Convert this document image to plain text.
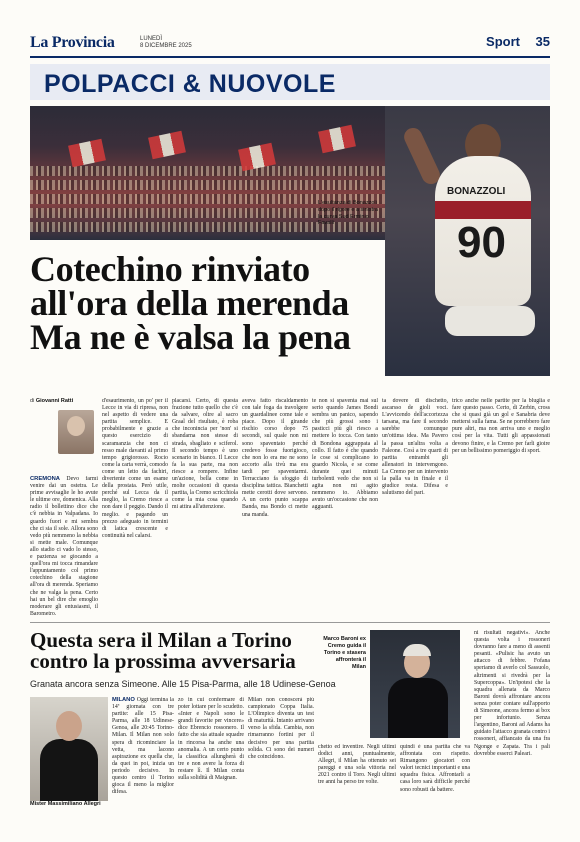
La Provincia	LUNEDÌ
8 DICEMBRE 2025	Sport 35
POLPACCI & NUOVOLE
BONAZZOLI
90
L'esultanza di Bonazzoli dopo il rigore e a sinistra la curva Sud Erminio Favalli
Cotechino rinviato
all'ora della merenda
Ma ne è valsa la pena
di Giovanni Ratti
CREMONA Devo farmi venire dai un ostetra. Le prime avvisaglie le ho avute le ultime ore, domenica. Alla radio il bollettino dice che c'è nebbia in Valpadana. Io guardo fuori e mi sembra che ci sia il sole. Allora sono vedo più nemmeno la nebbia si mette male. Comunque allo stadio ci vado lo stesso, e pazienza se giocando a quell'ora mi tocca rimandare l'appuntamento col primo cotechino della stagione all'ora di merenda. Speriamo che ne valga la pena. Certo hai un bel dire che emoglio moderare gli entusiasmi, il Barometro.
d'esaurimento, un po' per il Lecce in via di ripresa, non nel aspetto di vedere una partita semplice. E probabilmente e grazie a questo esercizio di scaramanzia che non ci resso male davanti al primo tempo grigiorosso. Rocio come la carta verrà, comodo come un letto da fachiri, divertente come un esame della prostata. Però utile, perché sul Lecca da il meglio, la Cremo riesce a non dare il peggio. Dando il meglio. e pagando un prezzo adeguato in termini di latica crescente e continuità nel calarsi.
placarsi. Certo, di questa frazione tutto quello che c'è da salvare, oltre al sacro Graal del risultato, è roba che inconincia per 'non' si sbandarna non stesse di strada, sbagliato e sciferol. Il secondo tempo è uno scenario in bianco. Il Lecce fa la sua parte, ma non riesce a rompere. Infine un'azione, bella come in molte occasioni di questa partita, la Cremo scricchiola come la mia cosa quando mi attira all'attenzione.
aveva fatto riscaldamento con tale foga da travolgere un guardalinee come tale e piace. Dopo il girande rischio corso dopo 75 secondi, sul quale non mi sono spaventato perché credevo fosse fuorigioco, che non lo era me ne sono accorto alla tivù ma era tardi per spaventarmi. Terracciano fa sfoggio di disciplina tattica. Bianchetti mette cerotti dove servono. A un certo punto scappa Banda, ma Bondo ci mette una manda.
te non si spaventa mai sul serio quando James Bondi sembra un panico, sapendo che più grossi sono i pasticci più gli riesco a mettere lo tocca. Con tanto di Bondona aggrappata al collo. Il fatto è che quando le cose si complicano io guardo Nicola, e se come durante quei minuti turbolenti vedo che non si agita non mi agito nemmeno io. Abbiamo avuto un'occasione che non agguanti.
ta dovere di dischetto, ascarsso de gioli voci. L'avvicendo dell'accortezza tarsana, ma fare il secondo sarebbe comunque un'ottima idea. Ma Pavero la passa un'altra volta a Faleone. Così a tre quarti di partita entrambi gli allenatori in intervengono. La Cremo per un intervento la palla va in finale e il giudice resta. Difesa e salutismo del pari.
trico anche nelle partite per la bluglia e fare questo passo. Certo, di Zerbin, cross che si quasi già un gol e Sanabria deve mettersi sulla fama. Se ne porrebbero fare pure altri, ma non arriva uno e meglio così per la vita. Tutti gli appassionati devono finire, e la Cremo per farli gioire per un bellissimo pomeriggio di sport.
Questa sera il Milan a Torino
contro la prossima avversaria
Granata ancora senza Simeone. Alle 15 Pisa-Parma, alle 18 Udinese-Genoa
Mister Massimiliano Allegri
Marco Baroni ex Cremo guida il Torino e stasera affronterà il Milan
MILANO Oggi termina la 14ª giornata con tre partite: alle 15 Pisa-Parma, alle 18 Udinese-Genoa, alle 20:45 Torino-Milan. Il Milan non solo spera di ricominciare la vetta, ma lacono aspirazione ex quella che, da quei in poi, inizia un periodo decisivo. In questo centro il Torino gioca il meno la miglior difesa.
zo in cui confermare di poter lottare per lo scudetto. «Inter e Napoli sono le grandi favorite per vincere» dice Ebrencio rossonero. Il fatto che sia attuale squadre in rincorsa ha anche una anomalia. A un certo punto la classifica allungherà di tre e non avere la forza di restare lì. Il Milan conta sulla solidità di Maignan.
Milan non conoscerà più campionato Coppa Italia. L'Olimpico diventa un test di maturità. Intanto arrivano verso la sfida. Cambia, non rimarranno fortini per il decisivo per una partita solida. Ci sono dei numeri che coincidono.
chetto ed inventire. Negli ultimi dodici anni, puntualmente, Allegri, il Milan ha ottenuto sei pareggi e una sola vittoria nel 2021 contro il Toro. Negli ultimi tre anni ha perso tre volte.
quindi è una partita che va affrontata con rispetto. Rimangono giocatori con valori tecnici importanti e una squadra fisica. Affrontarli a casa loro sarà difficile perché sono robusti da battere.
ni risultati negativi». Anche questa volta i rossoneri dovranno fare a meno di assenti pesanti. «Pulisic ha avuto un attacco di febbre. Fofana speriamo di averlo col Sassuolo, altrimenti si rivedrà per la Supercoppa». Un'ipotesi che la squadra allenata da Marco Baroni dovrà affrontare ancora senza poter contare sull'apporto di Simeone, ancora fermo ai box per infortunio. Senza l'argentino, Baroni ad Adams ha guidato l'attacco granata contro i rossoneri, affiancato da una fra Ngonge e Zapata. Tra i pali dovrebbe esserci Paleari.
